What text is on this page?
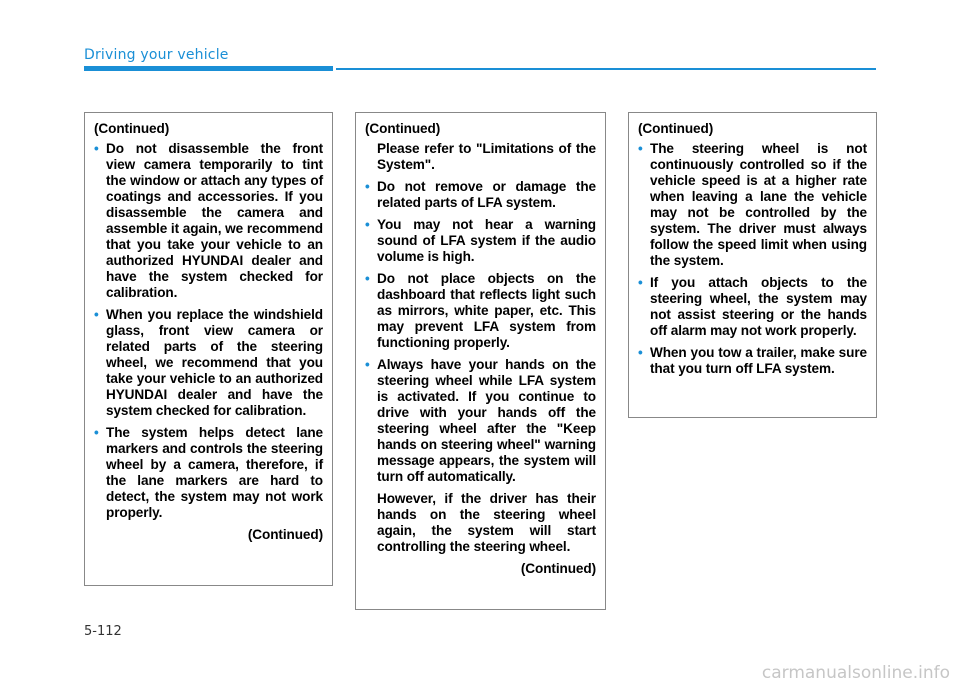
Driving your vehicle

(Continued)

• Do not disassemble the front view camera temporarily to tint the window or attach any types of coatings and accessories. If you disassemble the camera and assemble it again, we recommend that you take your vehicle to an authorized HYUNDAI dealer and have the system checked for calibration.

• When you replace the windshield glass, front view camera or related parts of the steering wheel, we recommend that you take your vehicle to an authorized HYUNDAI dealer and have the system checked for calibration.

• The system helps detect lane markers and controls the steering wheel by a camera, therefore, if the lane markers are hard to detect, the system may not work properly.

(Continued)

(Continued)

Please refer to "Limitations of the System".

• Do not remove or damage the related parts of LFA system.

• You may not hear a warning sound of LFA system if the audio volume is high.

• Do not place objects on the dashboard that reflects light such as mirrors, white paper, etc. This may prevent LFA system from functioning properly.

• Always have your hands on the steering wheel while LFA system is activated. If you continue to drive with your hands off the steering wheel after the "Keep hands on steering wheel" warning message appears, the system will turn off automatically.

However, if the driver has their hands on the steering wheel again, the system will start controlling the steering wheel.

(Continued)

(Continued)

• The steering wheel is not continuously controlled so if the vehicle speed is at a higher rate when leaving a lane the vehicle may not be controlled by the system. The driver must always follow the speed limit when using the system.

• If you attach objects to the steering wheel, the system may not assist steering or the hands off alarm may not work properly.

• When you tow a trailer, make sure that you turn off LFA system.

5-112

carmanualsonline.info
